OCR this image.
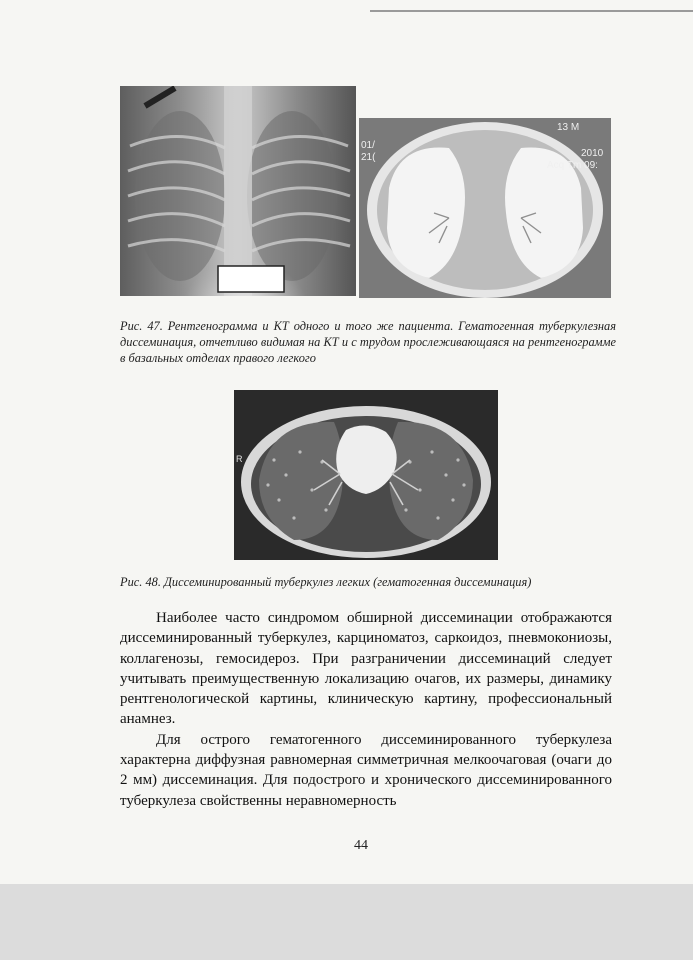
13 М
01/
21(	2010
Acq Tm 09:

Рис. 47. Рентгенограмма и КТ одного и того же пациента. Гематогенная туберкулезная диссеминация, отчетливо видимая на КТ и с трудом прослеживающаяся на рентгенограмме в базальных отделах правого легкого

R

Рис. 48. Диссеминированный туберкулез легких (гематогенная диссеминация)

Наиболее часто синдромом обширной диссеминации отображаются диссеминированный туберкулез, карциноматоз, саркоидоз, пневмокониозы, коллагенозы, гемосидероз. При разграничении диссеминаций следует учитывать преимущественную локализацию очагов, их размеры, динамику рентгенологической картины, клиническую картину, профессиональный анамнез.

Для острого гематогенного диссеминированного туберкулеза характерна диффузная равномерная симметричная мелкоочаговая (очаги до 2 мм) диссеминация. Для подострого и хронического диссеминированного туберкулеза свойственны неравномерность

44
